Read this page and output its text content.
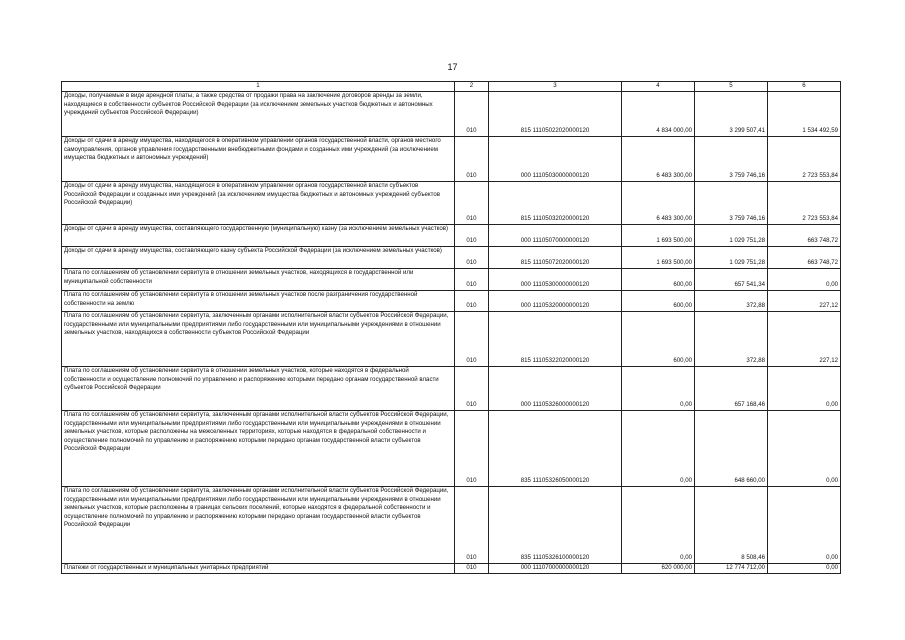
17
1	2	3	4	5	6
Доходы, получаемые в виде арендной платы, а также средства от продажи права на заключение договоров аренды за земли, находящиеся в собственности субъектов Российской Федерации (за исключением земельных участков бюджетных и автономных учреждений субъектов Российской Федерации)	010	815 11105022020000120	4 834 000,00	3 299 507,41	1 534 492,59
Доходы от сдачи в аренду имущества, находящегося в оперативном управлении органов государственной власти, органов местного самоуправления, органов управления государственными внебюджетными фондами и созданных ими учреждений (за исключением имущества бюджетных и автономных учреждений)	010	000 11105030000000120	6 483 300,00	3 759 746,16	2 723 553,84
Доходы от сдачи в аренду имущества, находящегося в оперативном управлении органов государственной власти субъектов Российской Федерации и созданных ими учреждений (за исключением имущества бюджетных и автономных учреждений субъектов Российской Федерации)	010	815 11105032020000120	6 483 300,00	3 759 746,16	2 723 553,84
Доходы от сдачи в аренду имущества, составляющего государственную (муниципальную) казну (за исключением земельных участков)	010	000 11105070000000120	1 693 500,00	1 029 751,28	663 748,72
Доходы от сдачи в аренду имущества, составляющего казну субъекта Российской Федерации (за исключением земельных участков)	010	815 11105072020000120	1 693 500,00	1 029 751,28	663 748,72
Плата по соглашениям об установлении сервитута в отношении земельных участков, находящихся в государственной или муниципальной собственности	010	000 11105300000000120	600,00	657 541,34	0,00
Плата по соглашениям об установлении сервитута в отношении земельных участков после разграничения государственной собственности на землю	010	000 11105320000000120	600,00	372,88	227,12
Плата по соглашениям об установлении сервитута, заключенным органами исполнительной власти субъектов Российской Федерации, государственными или муниципальными предприятиями либо государственными или муниципальными учреждениями в отношении земельных участков, находящихся в собственности субъектов Российской Федерации	010	815 11105322020000120	600,00	372,88	227,12
Плата по соглашениям об установлении сервитута в отношении земельных участков, которые находятся в федеральной собственности и осуществление полномочий по управлению и распоряжению которыми передано органам государственной власти субъектов Российской Федерации	010	000 11105326000000120	0,00	657 168,46	0,00
Плата по соглашениям об установлении сервитута, заключенным органами исполнительной власти субъектов Российской Федерации, государственными или муниципальными предприятиями либо государственными или муниципальными учреждениями в отношении земельных участков, которые расположены на межселенных территориях, которые находятся в федеральной собственности и осуществление полномочий по управлению и распоряжению которыми передано органам государственной власти субъектов Российской Федерации	010	835 11105326050000120	0,00	648 660,00	0,00
Плата по соглашениям об установлении сервитута, заключенным органами исполнительной власти субъектов Российской Федерации, государственными или муниципальными предприятиями либо государственными или муниципальными учреждениями в отношении земельных участков, которые расположены в границах сельских поселений, которые находятся в федеральной собственности и осуществление полномочий по управлению и распоряжению которыми передано органам государственной власти субъектов Российской Федерации	010	835 11105326100000120	0,00	8 508,46	0,00
Платежи от государственных и муниципальных унитарных предприятий	010	000 11107000000000120	620 000,00	12 774 712,00	0,00
